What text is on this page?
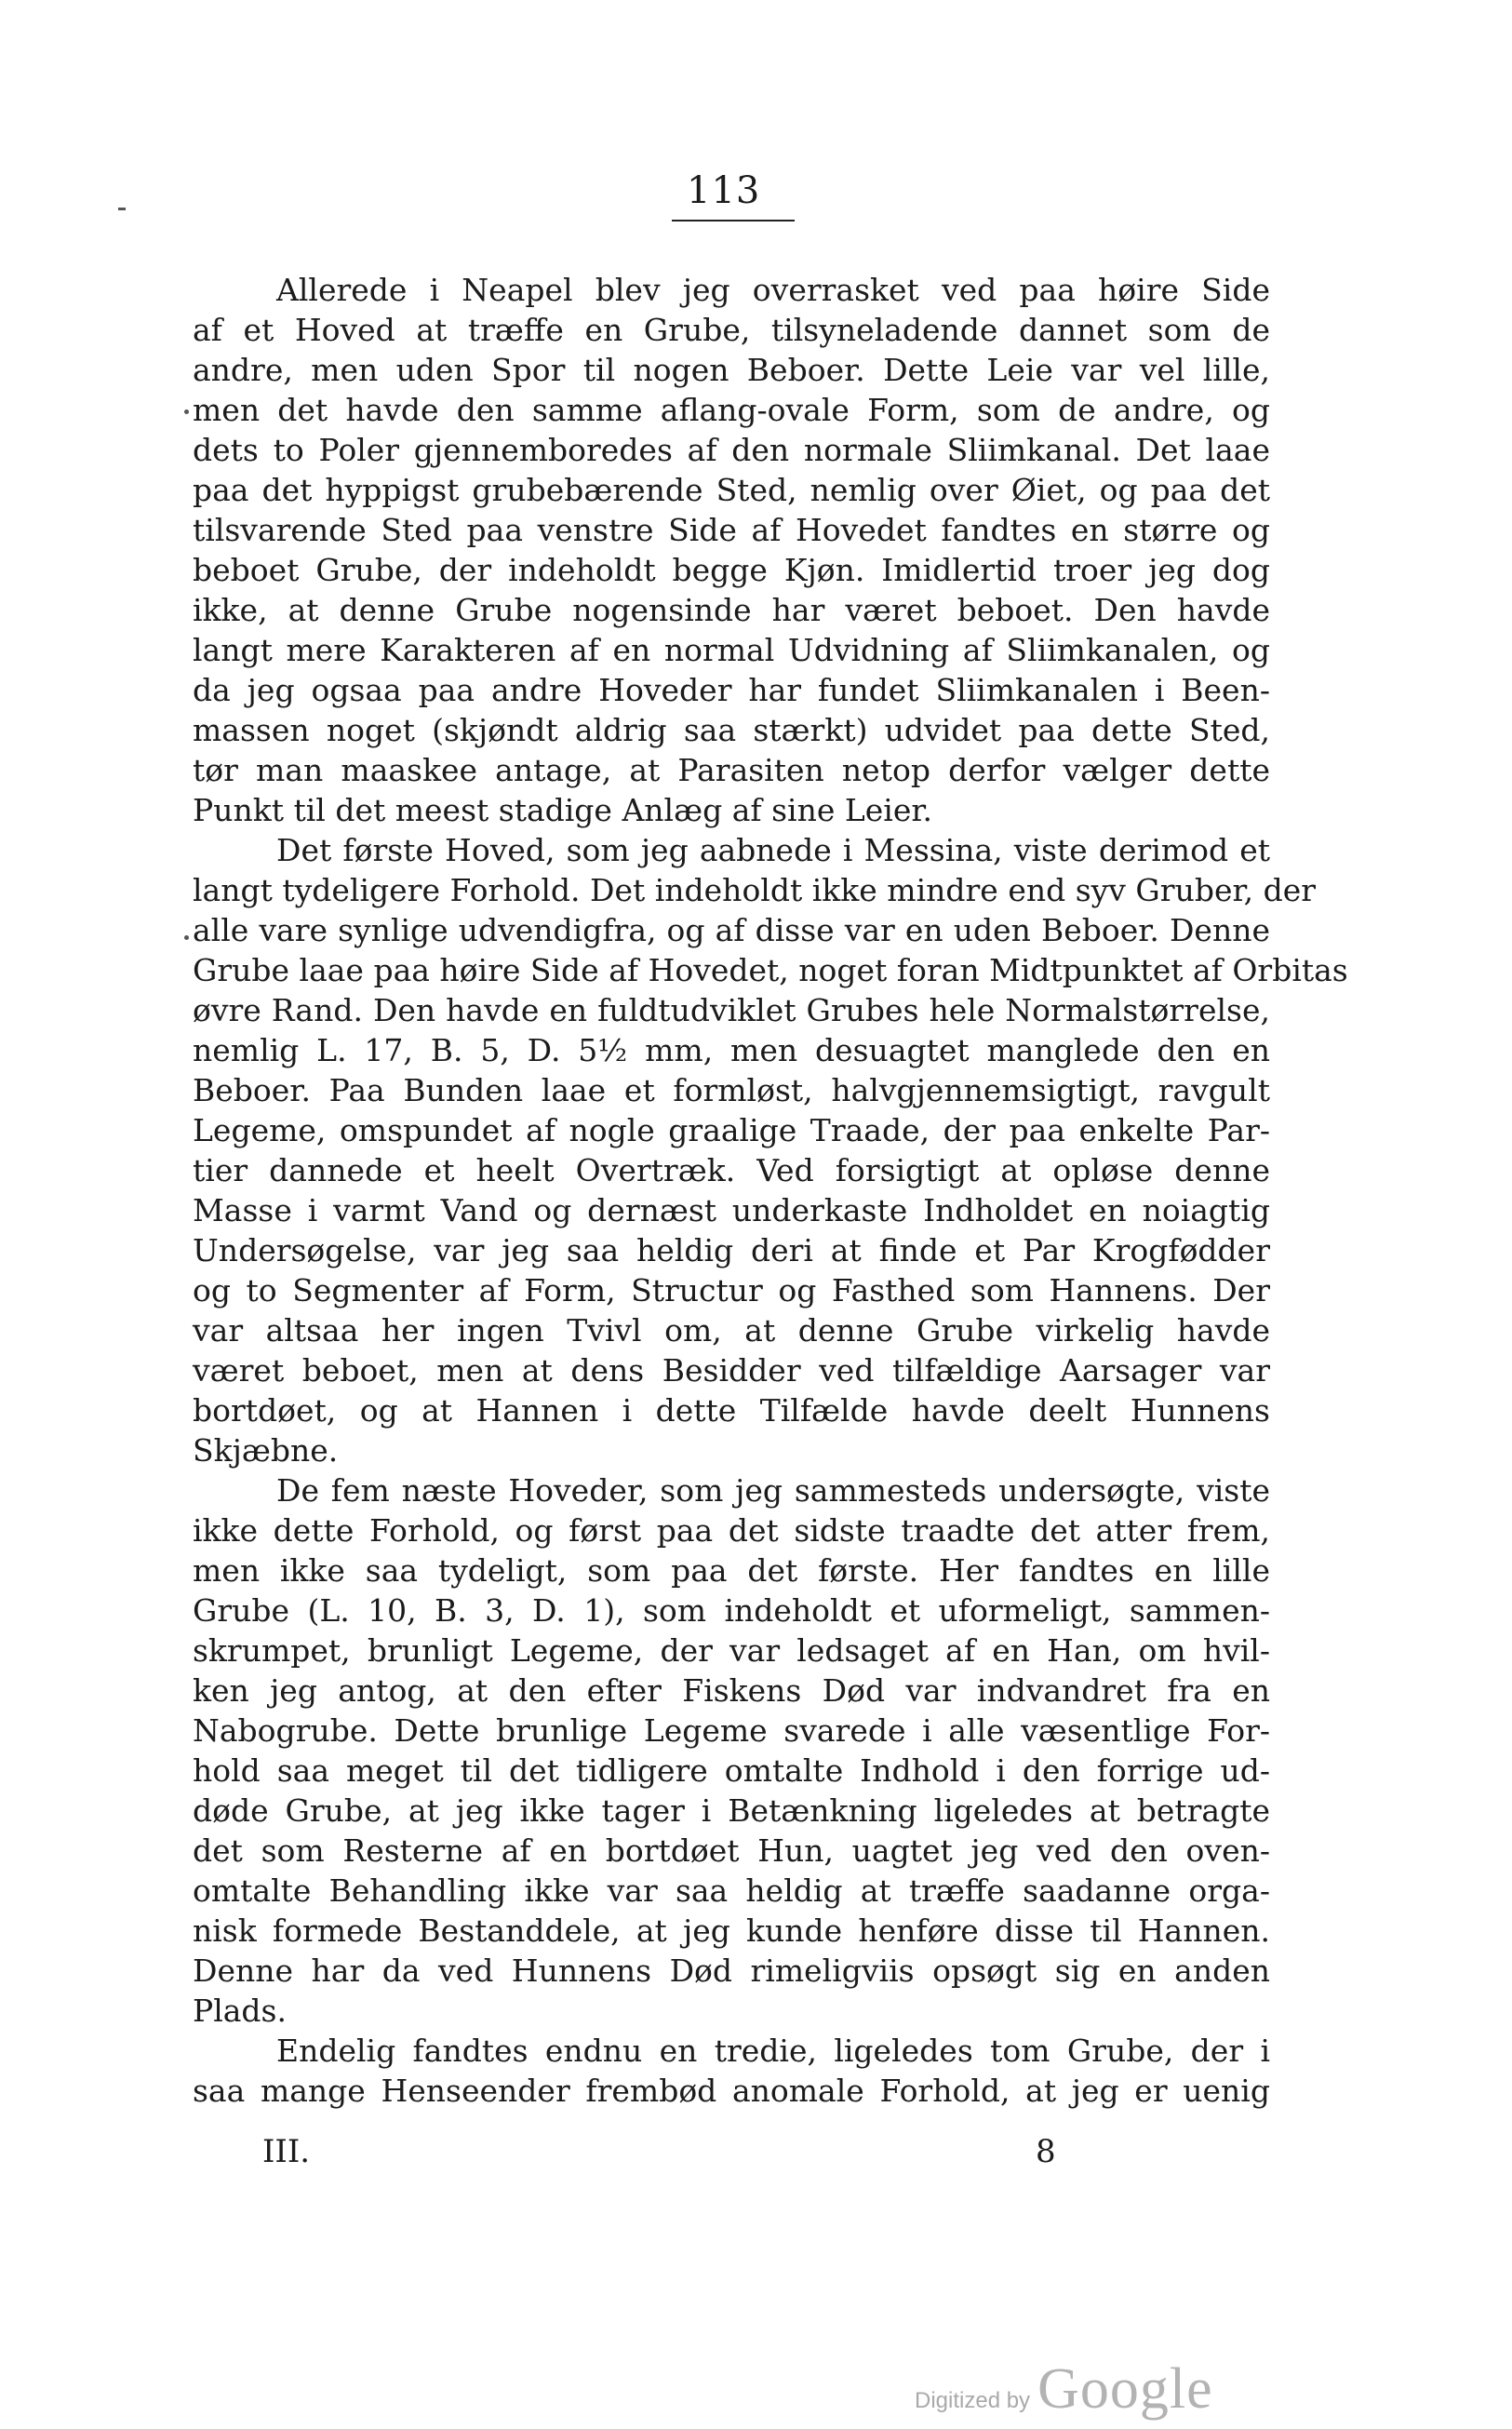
113
Allerede i Neapel blev jeg overrasket ved paa høire Side
af et Hoved at træffe en Grube, tilsyneladende dannet som de
andre, men uden Spor til nogen Beboer. Dette Leie var vel lille,
men det havde den samme aflang-ovale Form, som de andre, og
dets to Poler gjennemboredes af den normale Sliimkanal. Det laae
paa det hyppigst grubebærende Sted, nemlig over Øiet, og paa det
tilsvarende Sted paa venstre Side af Hovedet fandtes en større og
beboet Grube, der indeholdt begge Kjøn. Imidlertid troer jeg dog
ikke, at denne Grube nogensinde har været beboet. Den havde
langt mere Karakteren af en normal Udvidning af Sliimkanalen, og
da jeg ogsaa paa andre Hoveder har fundet Sliimkanalen i Been-
massen noget (skjøndt aldrig saa stærkt) udvidet paa dette Sted,
tør man maaskee antage, at Parasiten netop derfor vælger dette
Punkt til det meest stadige Anlæg af sine Leier.
Det første Hoved, som jeg aabnede i Messina, viste derimod et
langt tydeligere Forhold. Det indeholdt ikke mindre end syv Gruber, der
alle vare synlige udvendigfra, og af disse var en uden Beboer. Denne
Grube laae paa høire Side af Hovedet, noget foran Midtpunktet af Orbitas
øvre Rand. Den havde en fuldtudviklet Grubes hele Normalstørrelse,
nemlig L. 17, B. 5, D. 5½ mm, men desuagtet manglede den en
Beboer. Paa Bunden laae et formløst, halvgjennemsigtigt, ravgult
Legeme, omspundet af nogle graalige Traade, der paa enkelte Par-
tier dannede et heelt Overtræk. Ved forsigtigt at opløse denne
Masse i varmt Vand og dernæst underkaste Indholdet en noiagtig
Undersøgelse, var jeg saa heldig deri at finde et Par Krogfødder
og to Segmenter af Form, Structur og Fasthed som Hannens. Der
var altsaa her ingen Tvivl om, at denne Grube virkelig havde
været beboet, men at dens Besidder ved tilfældige Aarsager var
bortdøet, og at Hannen i dette Tilfælde havde deelt Hunnens
Skjæbne.
De fem næste Hoveder, som jeg sammesteds undersøgte, viste
ikke dette Forhold, og først paa det sidste traadte det atter frem,
men ikke saa tydeligt, som paa det første. Her fandtes en lille
Grube (L. 10, B. 3, D. 1), som indeholdt et uformeligt, sammen-
skrumpet, brunligt Legeme, der var ledsaget af en Han, om hvil-
ken jeg antog, at den efter Fiskens Død var indvandret fra en
Nabogrube. Dette brunlige Legeme svarede i alle væsentlige For-
hold saa meget til det tidligere omtalte Indhold i den forrige ud-
døde Grube, at jeg ikke tager i Betænkning ligeledes at betragte
det som Resterne af en bortdøet Hun, uagtet jeg ved den oven-
omtalte Behandling ikke var saa heldig at træffe saadanne orga-
nisk formede Bestanddele, at jeg kunde henføre disse til Hannen.
Denne har da ved Hunnens Død rimeligviis opsøgt sig en anden
Plads.
Endelig fandtes endnu en tredie, ligeledes tom Grube, der i
saa mange Henseender frembød anomale Forhold, at jeg er uenig
III.	8
Digitized by Google
